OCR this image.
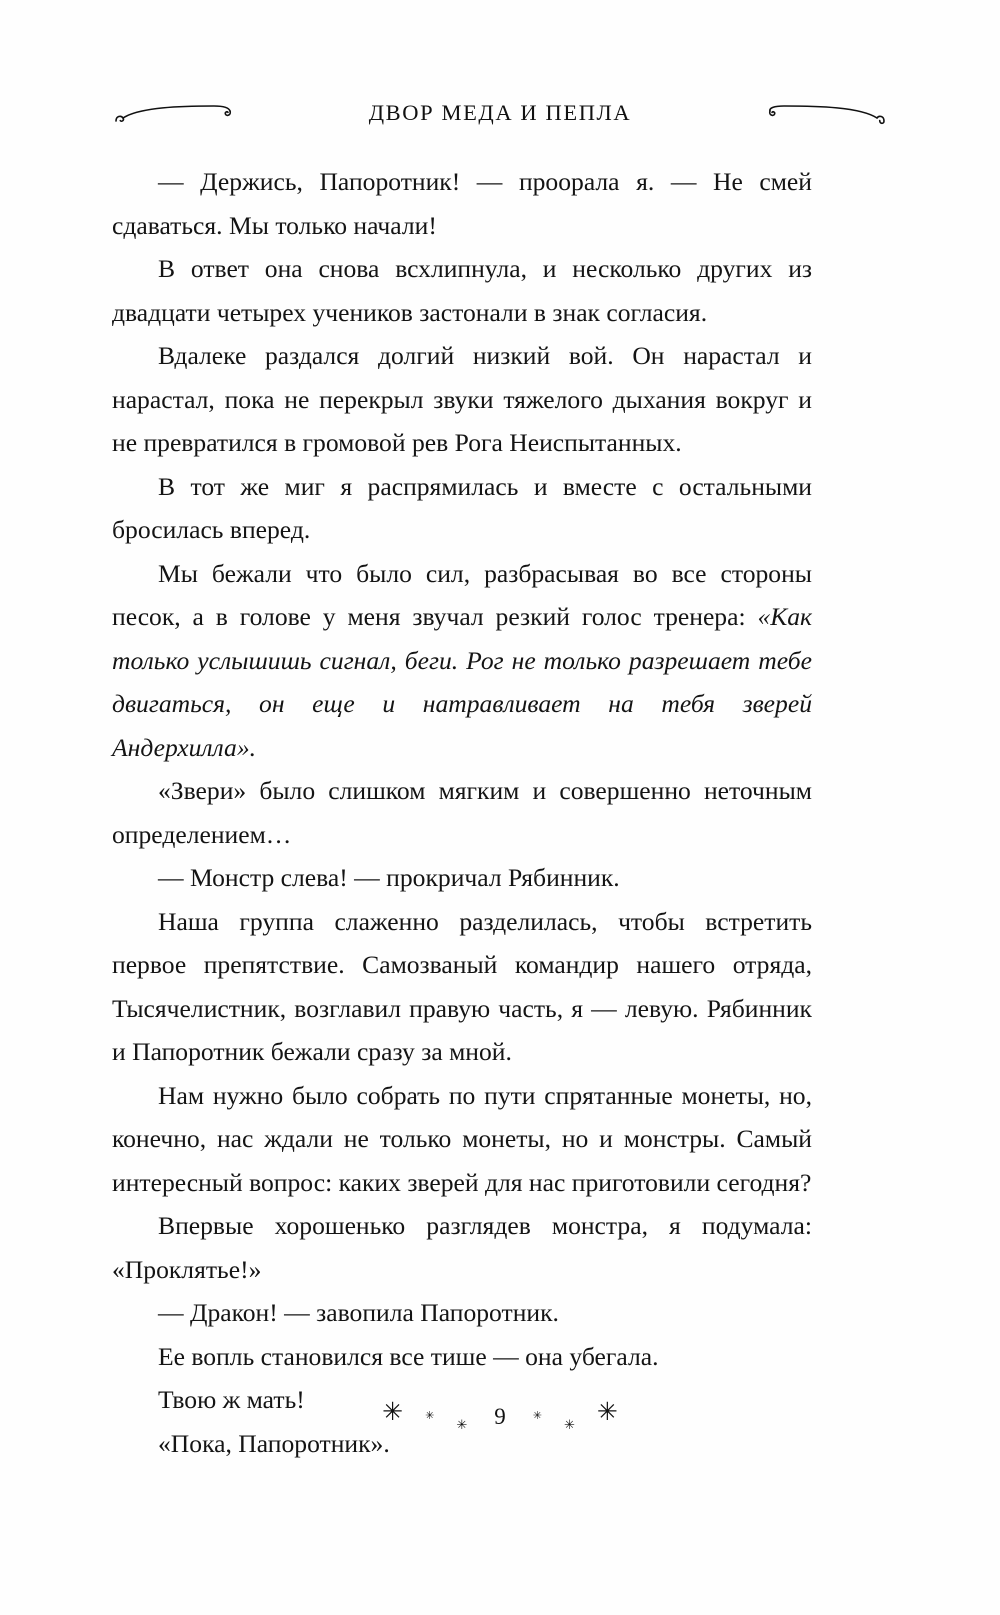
ДВОР МЕДА И ПЕПЛА

— Держись, Папоротник! — проорала я. — Не смей сдаваться. Мы только начали!

В ответ она снова всхлипнула, и несколько других из двадцати четырех учеников застонали в знак согласия.

Вдалеке раздался долгий низкий вой. Он нарастал и нарастал, пока не перекрыл звуки тяжелого дыхания вокруг и не превратился в громовой рев Рога Неиспытанных.

В тот же миг я распрямилась и вместе с остальными бросилась вперед.

Мы бежали что было сил, разбрасывая во все стороны песок, а в голове у меня звучал резкий голос тренера: «Как только услышишь сигнал, беги. Рог не только разрешает тебе двигаться, он еще и натравливает на тебя зверей Андерхилла».

«Звери» было слишком мягким и совершенно неточным определением…

— Монстр слева! — прокричал Рябинник.

Наша группа слаженно разделилась, чтобы встретить первое препятствие. Самозваный командир нашего отряда, Тысячелистник, возглавил правую часть, я — левую. Рябинник и Папоротник бежали сразу за мной.

Нам нужно было собрать по пути спрятанные монеты, но, конечно, нас ждали не только монеты, но и монстры. Самый интересный вопрос: каких зверей для нас приготовили сегодня?

Впервые хорошенько разглядев монстра, я подумала: «Проклятье!»

— Дракон! — завопила Папоротник.

Ее вопль становился все тише — она убегала.

Твою ж мать!

«Пока, Папоротник».

✳ ✳
✳ 9 ✳
✳ ✳
